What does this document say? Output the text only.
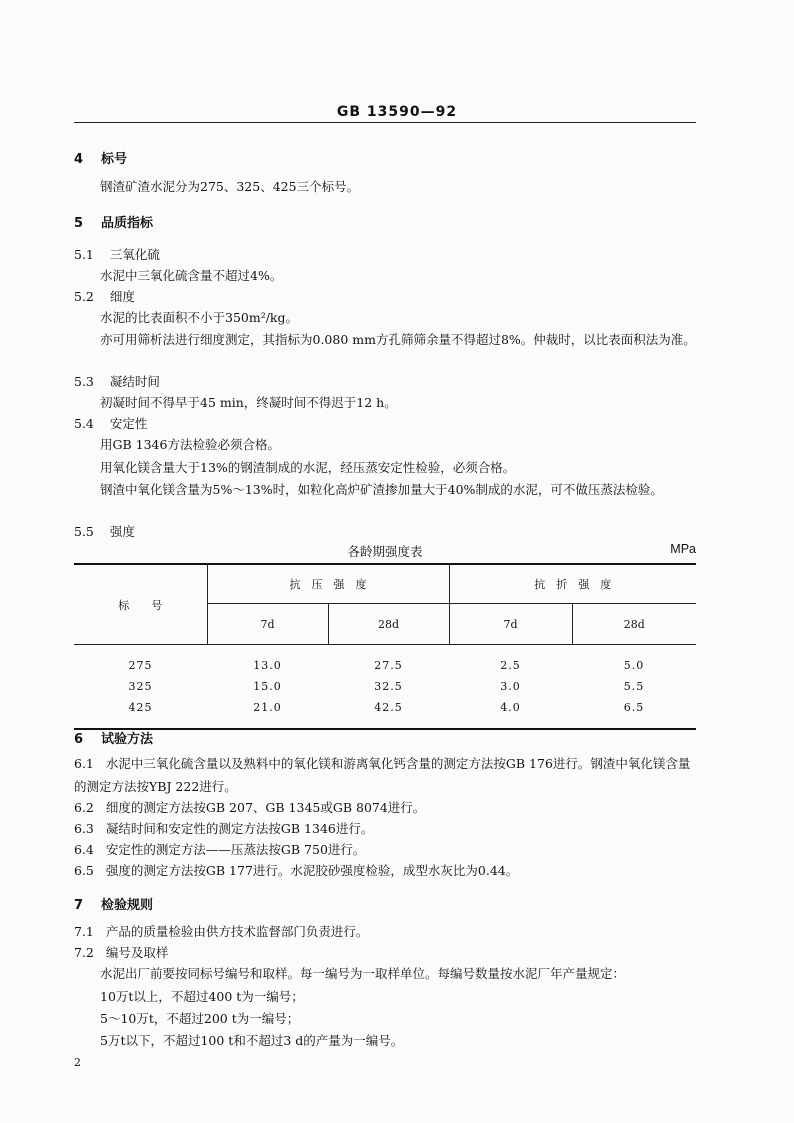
GB 13590—92
4 标号
钢渣矿渣水泥分为275、325、425三个标号。
5 品质指标
5.1 三氧化硫
水泥中三氧化硫含量不超过4%。
5.2 细度
水泥的比表面积不小于350m²/kg。
亦可用筛析法进行细度测定，其指标为0.080 mm方孔筛筛余量不得超过8%。仲裁时，以比表面积法为准。
5.3 凝结时间
初凝时间不得早于45 min，终凝时间不得迟于12 h。
5.4 安定性
用GB 1346方法检验必须合格。
用氧化镁含量大于13%的钢渣制成的水泥，经压蒸安定性检验，必须合格。
钢渣中氧化镁含量为5%～13%时，如粒化高炉矿渣掺加量大于40%制成的水泥，可不做压蒸法检验。
5.5 强度
各龄期强度表	MPa
标　　号	抗　压　强　度		抗　折　强　度	
	7d	28d	7d	28d

275	13.0	27.5	2.5	5.0
325	15.0	32.5	3.0	5.5
425	21.0	42.5	4.0	6.5

6 试验方法
6.1 水泥中三氧化硫含量以及熟料中的氧化镁和游离氧化钙含量的测定方法按GB 176进行。钢渣中氧化镁含量的测定方法按YBJ 222进行。
6.2 细度的测定方法按GB 207、GB 1345或GB 8074进行。
6.3 凝结时间和安定性的测定方法按GB 1346进行。
6.4 安定性的测定方法——压蒸法按GB 750进行。
6.5 强度的测定方法按GB 177进行。水泥胶砂强度检验，成型水灰比为0.44。
7 检验规则
7.1 产品的质量检验由供方技术监督部门负责进行。
7.2 编号及取样
水泥出厂前要按同标号编号和取样。每一编号为一取样单位。每编号数量按水泥厂年产量规定：
10万t以上，不超过400 t为一编号；
5～10万t，不超过200 t为一编号；
5万t以下，不超过100 t和不超过3 d的产量为一编号。
2
